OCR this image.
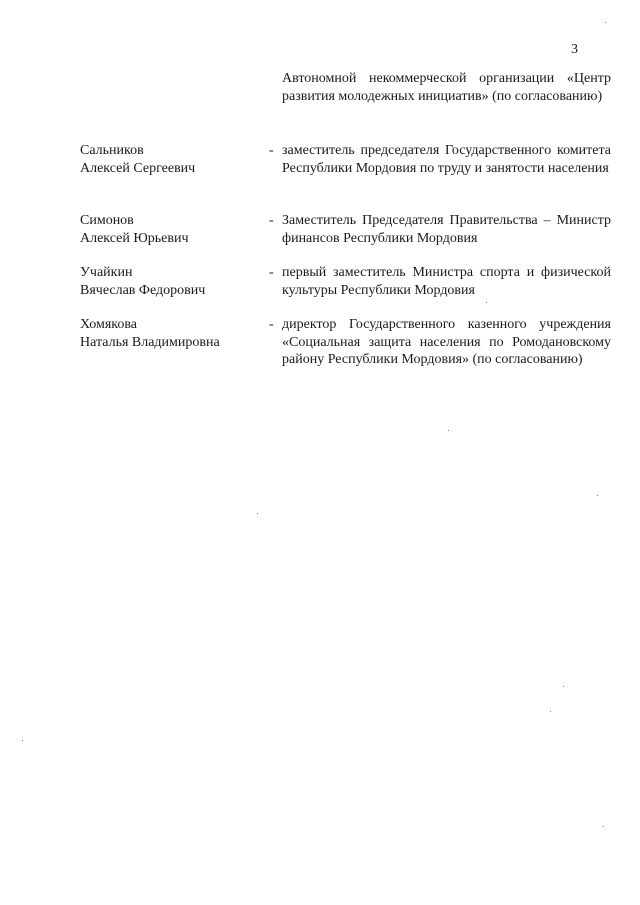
3
Автономной некоммерческой организации «Центр развития молодежных инициатив» (по согласованию)
Сальников
Алексей Сергеевич
- заместитель председателя Государственного комитета Республики Мордовия по труду и занятости населения
Симонов
Алексей Юрьевич
- Заместитель Председателя Правительства – Министр финансов Республики Мордовия
Учайкин
Вячеслав Федорович
- первый заместитель Министра спорта и физической культуры Республики Мордовия
Хомякова
Наталья Владимировна
- директор Государственного казенного учреждения «Социальная защита населения по Ромодановскому району Республики Мордовия» (по согласованию)
